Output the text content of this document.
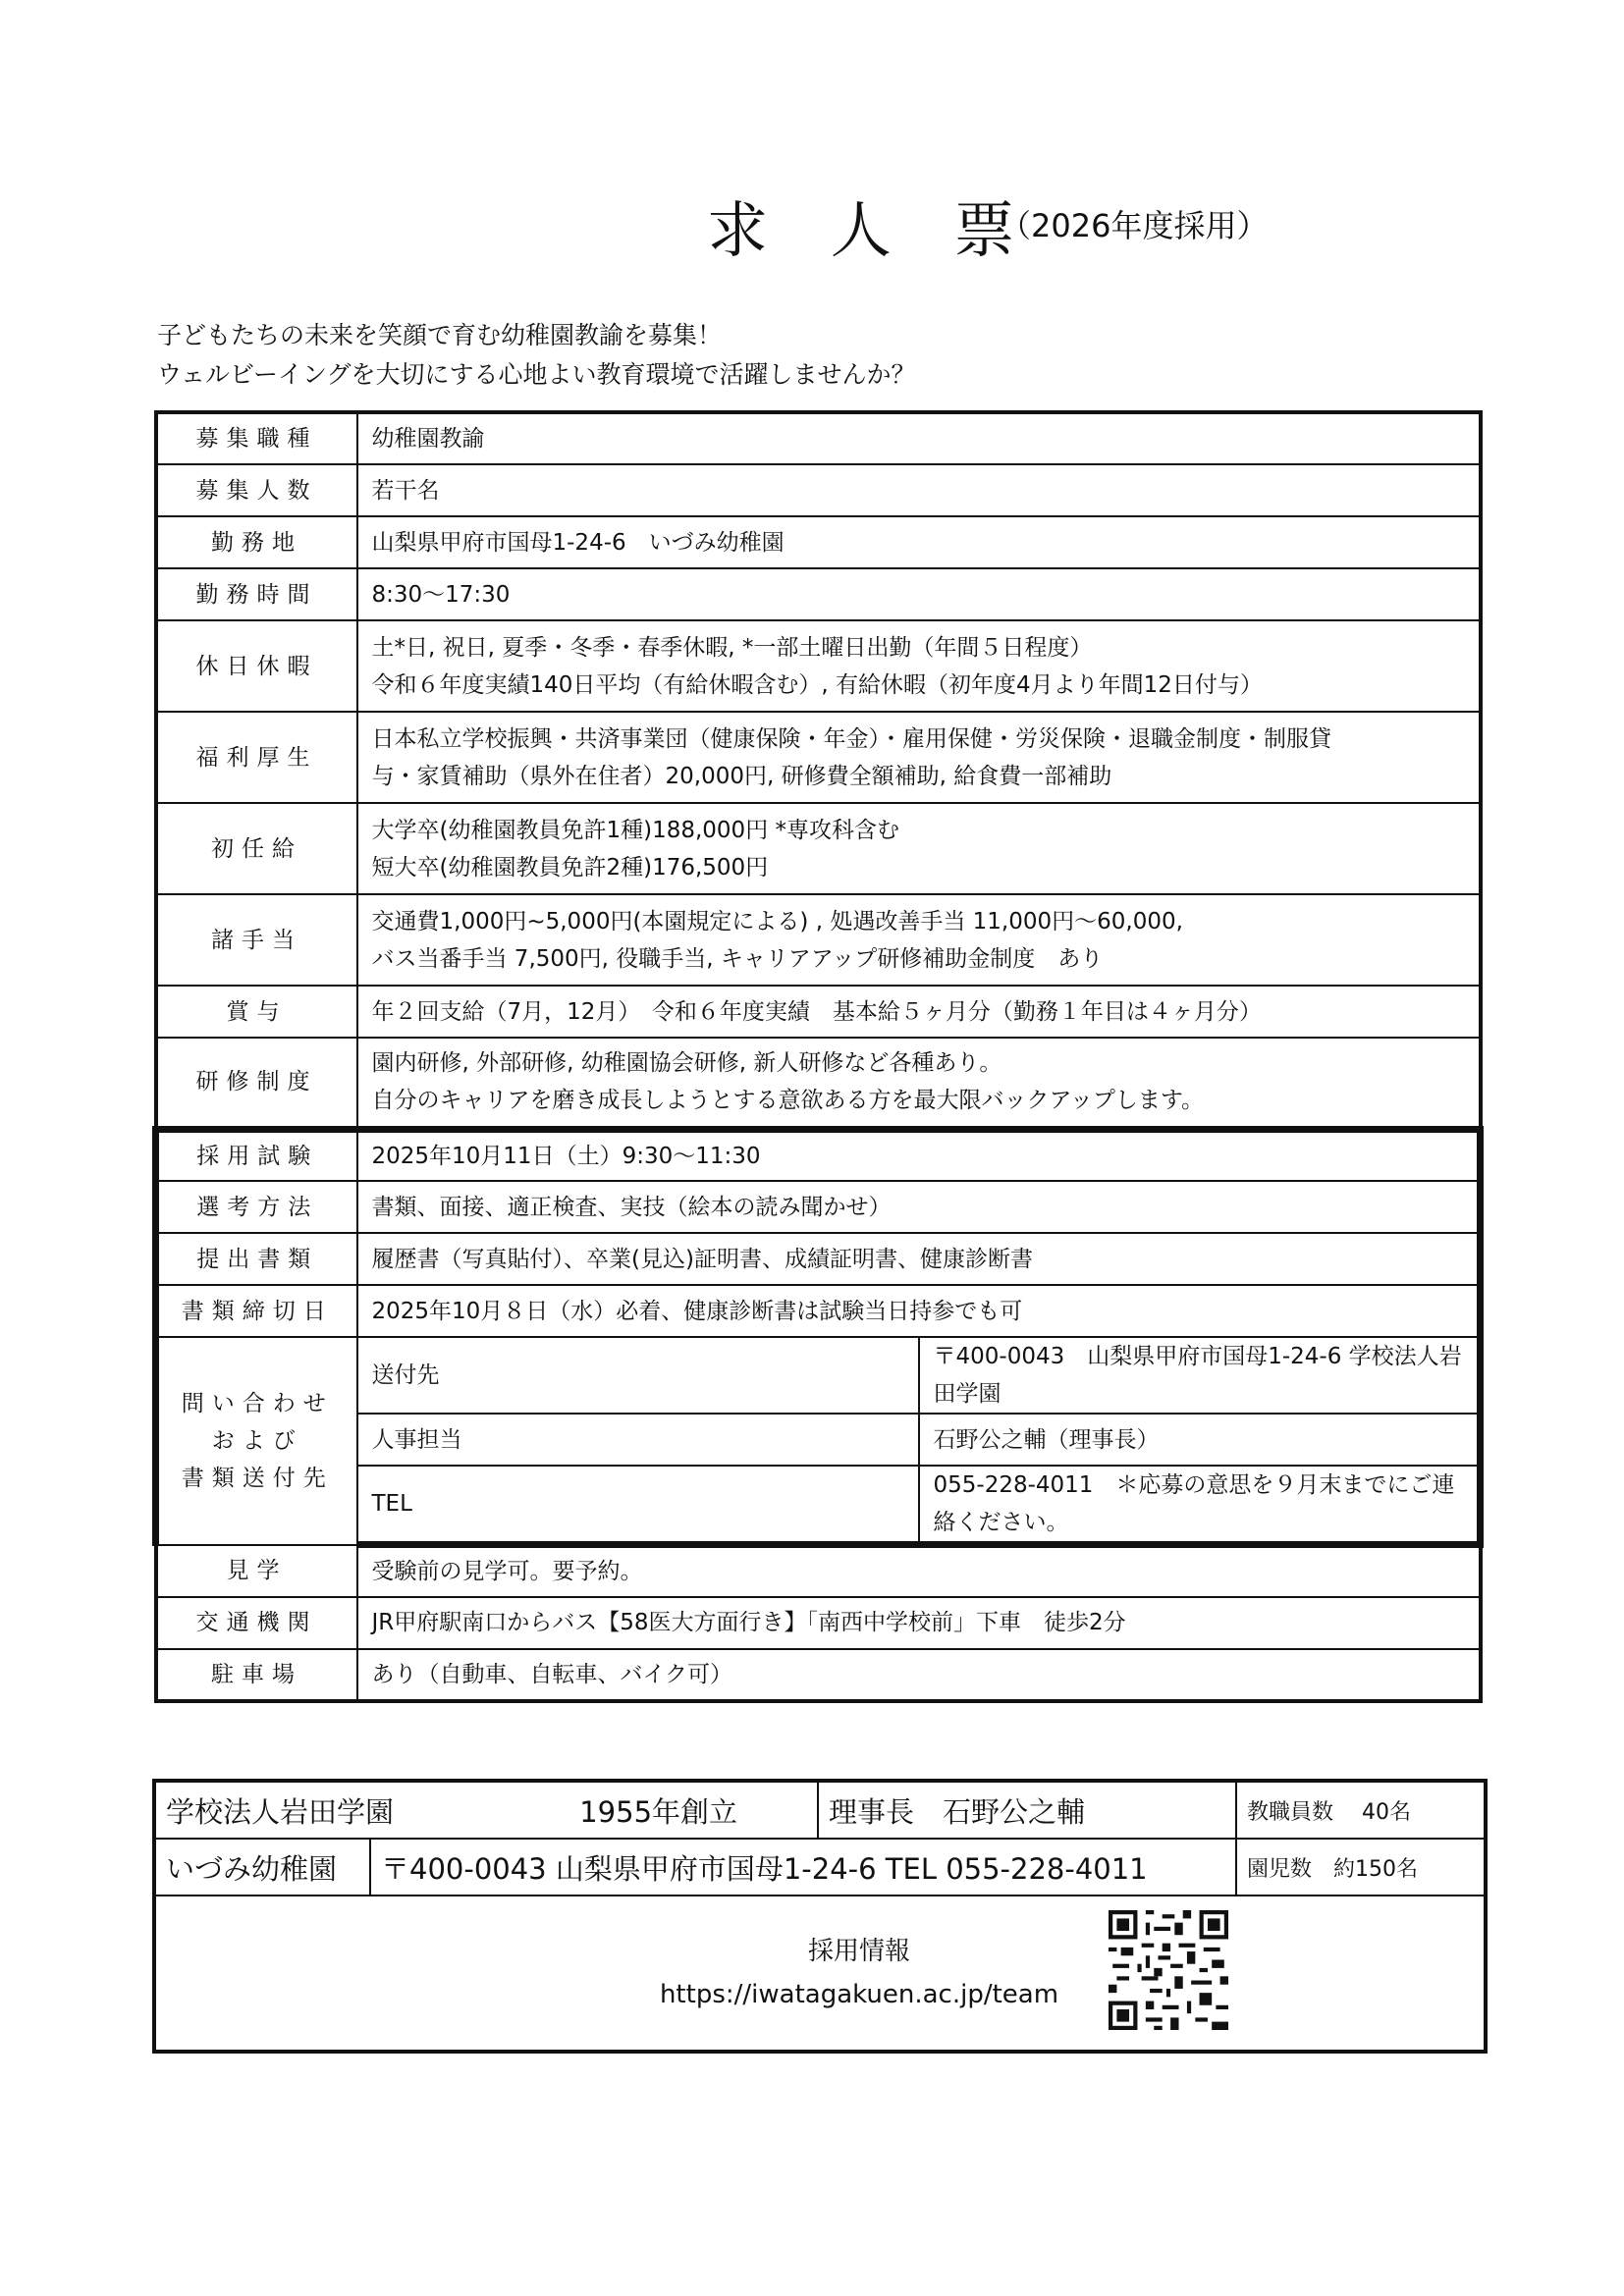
求 人 票
（2026年度採用）
子どもたちの未来を笑顔で育む幼稚園教諭を募集！
ウェルビーイングを大切にする心地よい教育環境で活躍しませんか？
募集職種	幼稚園教諭	
募集人数	若干名	
勤務地	山梨県甲府市国母1-24-6　いづみ幼稚園	
勤務時間	8:30〜17:30	
休日休暇	土*日, 祝日, 夏季・冬季・春季休暇, *一部土曜日出勤（年間５日程度）
令和６年度実績140日平均（有給休暇含む）, 有給休暇（初年度4月より年間12日付与）	

福利厚生	日本私立学校振興・共済事業団（健康保険・年金）・雇用保健・労災保険・退職金制度・制服貸
与・家賃補助（県外在住者）20,000円, 研修費全額補助, 給食費一部補助	

初任給	大学卒(幼稚園教員免許1種)188,000円 *専攻科含む
短大卒(幼稚園教員免許2種)176,500円	

諸手当	交通費1,000円~5,000円(本園規定による) , 処遇改善手当 11,000円〜60,000,
バス当番手当 7,500円, 役職手当, キャリアアップ研修補助金制度　あり	

賞与	年２回支給（7月，12月）　令和６年度実績　基本給５ヶ月分（勤務１年目は４ヶ月分）	
研修制度	園内研修, 外部研修, 幼稚園協会研修, 新人研修など各種あり。
自分のキャリアを磨き成長しようとする意欲ある方を最大限バックアップします。	

採用試験	2025年10月11日（土）9:30〜11:30	
選考方法	書類、面接、適正検査、実技（絵本の読み聞かせ）	
提出書類	履歴書（写真貼付）、卒業(見込)証明書、成績証明書、健康診断書	
書類締切日	2025年10月８日（水）必着、健康診断書は試験当日持参でも可	

問い合わせ
および
書類送付先	送付先	〒400-0043　山梨県甲府市国母1-24-6 学校法人岩田学園
	人事担当	石野公之輔（理事長）
	TEL	055-228-4011　＊応募の意思を９月末までにご連絡ください。
見学	受験前の見学可。要予約。	
交通機関	JR甲府駅南口からバス【58医大方面行き】「南西中学校前」下車　徒歩2分	
駐車場	あり（自動車、自転車、バイク可）	
学校法人岩田学園 1955年創立		理事長　石野公之輔	教職員数　 40名
いづみ幼稚園	〒400-0043 山梨県甲府市国母1-24-6 TEL 055-228-4011		園児数　約150名

採用情報
https://iwatagakuen.ac.jp/team			
